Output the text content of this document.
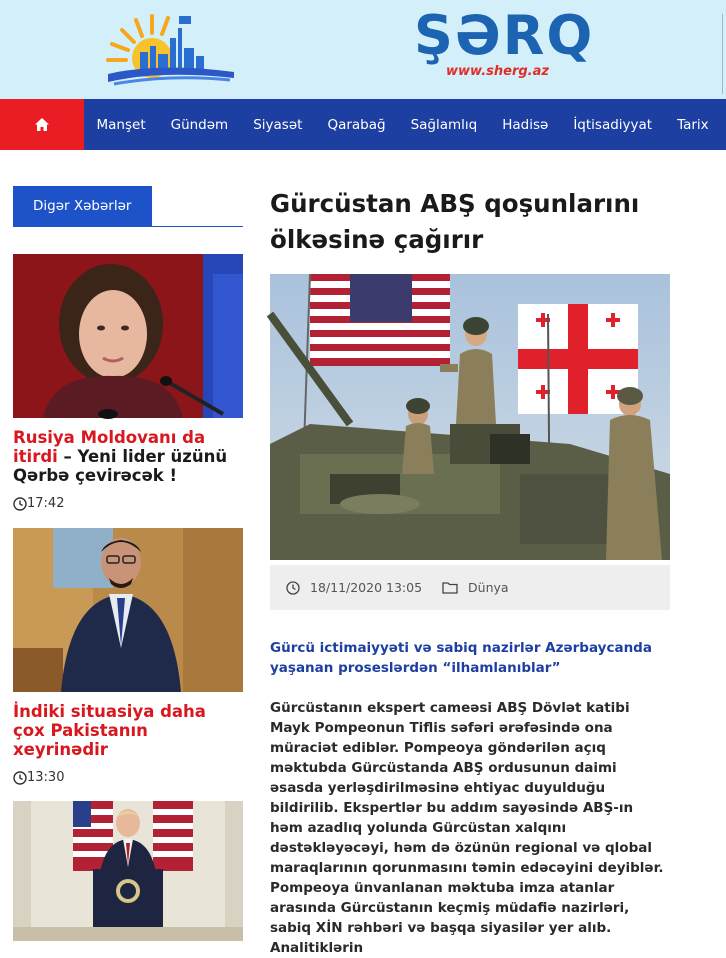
ŞƏRQ
www.sherg.az
Manşet	Gündəm	Siyasət	Qarabağ	Sağlamlıq	Hadisə	İqtisadiyyat	Tarix
Digər Xəbərlər
Rusiya Moldovanı da itirdi – Yeni lider üzünü Qərbə çevirəcək !
17:42
İndiki situasiya daha çox Pakistanın xeyrinədir
13:30
Gürcüstan ABŞ qoşunlarını ölkəsinə çağırır
18/11/2020 13:05	Dünya

Gürcü ictimaiyyəti və sabiq nazirlər Azərbaycanda yaşanan proseslərdən “ilhamlanıblar”

Gürcüstanın ekspert cameəsi ABŞ Dövlət katibi Mayk Pompeonun Tiflis səfəri ərəfəsində ona müraciət ediblər. Pompeoya göndərilən açıq məktubda Gürcüstanda ABŞ ordusunun daimi əsasda yerləşdirilməsinə ehtiyac duyulduğu bildirilib. Ekspertlər bu addım sayəsində ABŞ-ın həm azadlıq yolunda Gürcüstan xalqını dəstəkləyəcəyi, həm də özünün regional və qlobal maraqlarının qorunmasını təmin edəcəyini deyiblər. Pompeoya ünvanlanan məktuba imza atanlar arasında Gürcüstanın keçmiş müdafiə nazirləri, sabiq XİN rəhbəri və başqa siyasilər yer alıb. Analitiklərin
